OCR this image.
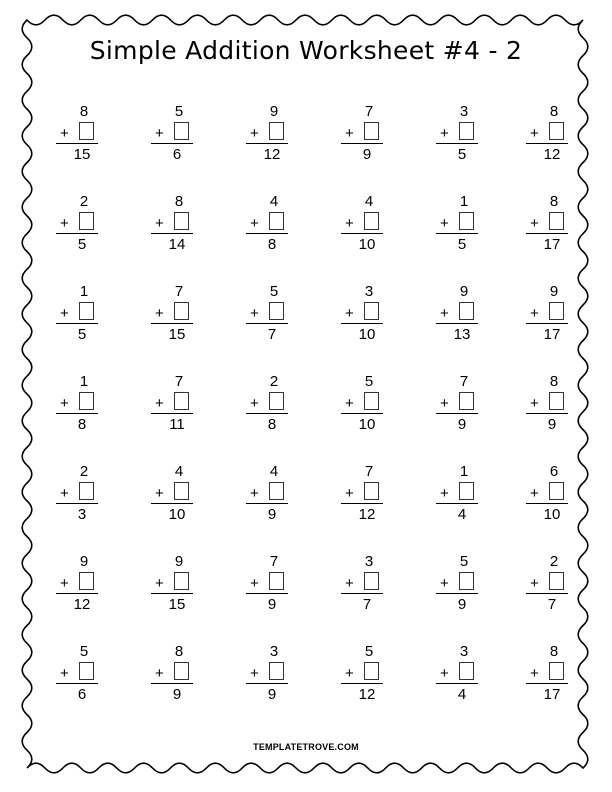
Simple Addition Worksheet #4 - 2
8
+
15
5
+
6
9
+
12
7
+
9
3
+
5
8
+
12
2
+
5
8
+
14
4
+
8
4
+
10
1
+
5
8
+
17
1
+
5
7
+
15
5
+
7
3
+
10
9
+
13
9
+
17
1
+
8
7
+
11
2
+
8
5
+
10
7
+
9
8
+
9
2
+
3
4
+
10
4
+
9
7
+
12
1
+
4
6
+
10
9
+
12
9
+
15
7
+
9
3
+
7
5
+
9
2
+
7
5
+
6
8
+
9
3
+
9
5
+
12
3
+
4
8
+
17
TEMPLATETROVE.COM
